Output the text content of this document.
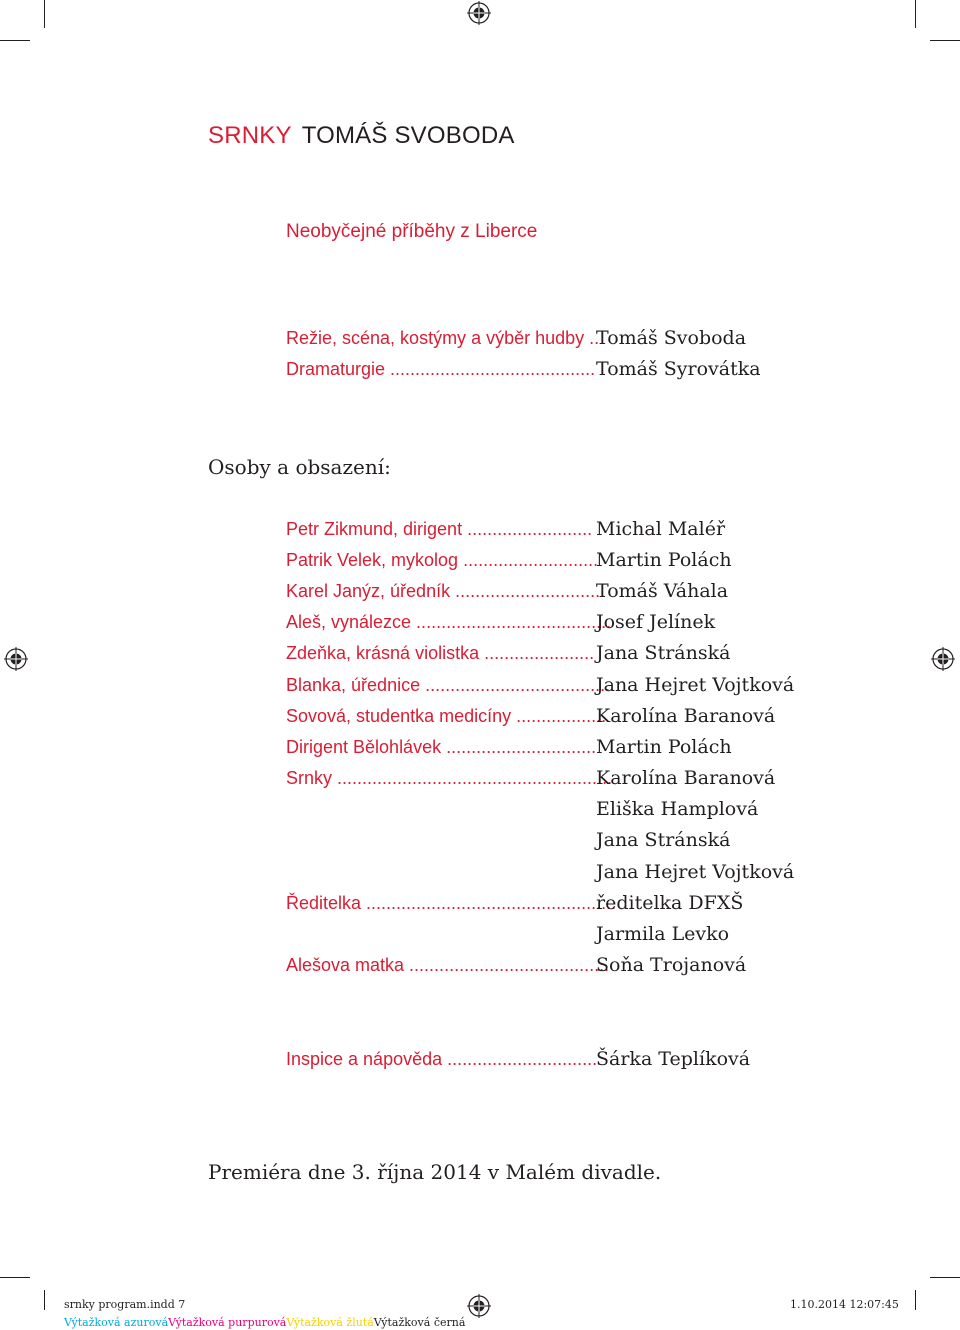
SRNKY TOMÁŠ SVOBODA
Neobyčejné příběhy z Liberce
Režie, scéna, kostýmy a výběr hudby ..
Tomáš Svoboda
Dramaturgie ......................................... Tomáš Syrovátka
Osoby a obsazení:
Petr Zikmund, dirigent ......................... Michal Maléř
Patrik Velek, mykolog ...........................
Martin Polách
Karel Janýz, úředník ..............................
Tomáš Váhala
Aleš, vynálezce .......................................
Josef Jelínek
Zdeňka, krásná violistka ...................... Jana Stránská
Blanka, úřednice .....................................
Jana Hejret Vojtková
Sovová, studentka medicíny ..................
Karolína Baranová
Dirigent Bělohlávek .............................. Martin Polách
Srnky .......................................................
Karolína Baranová
Eliška Hamplová
Jana Stránská
Jana Hejret Vojtková
Ředitelka ..................................................
ředitelka DFXŠ
Jarmila Levko
Alešova matka ........................................
Soňa Trojanová
Inspice a nápověda ..............................
Šárka Teplíková
Premiéra dne 3. října 2014 v Malém divadle.
srnky program.indd 7	1.10.2014 12:07:45
Výtažková azurováVýtažková purpurováVýtažková žlutáVýtažková černá
